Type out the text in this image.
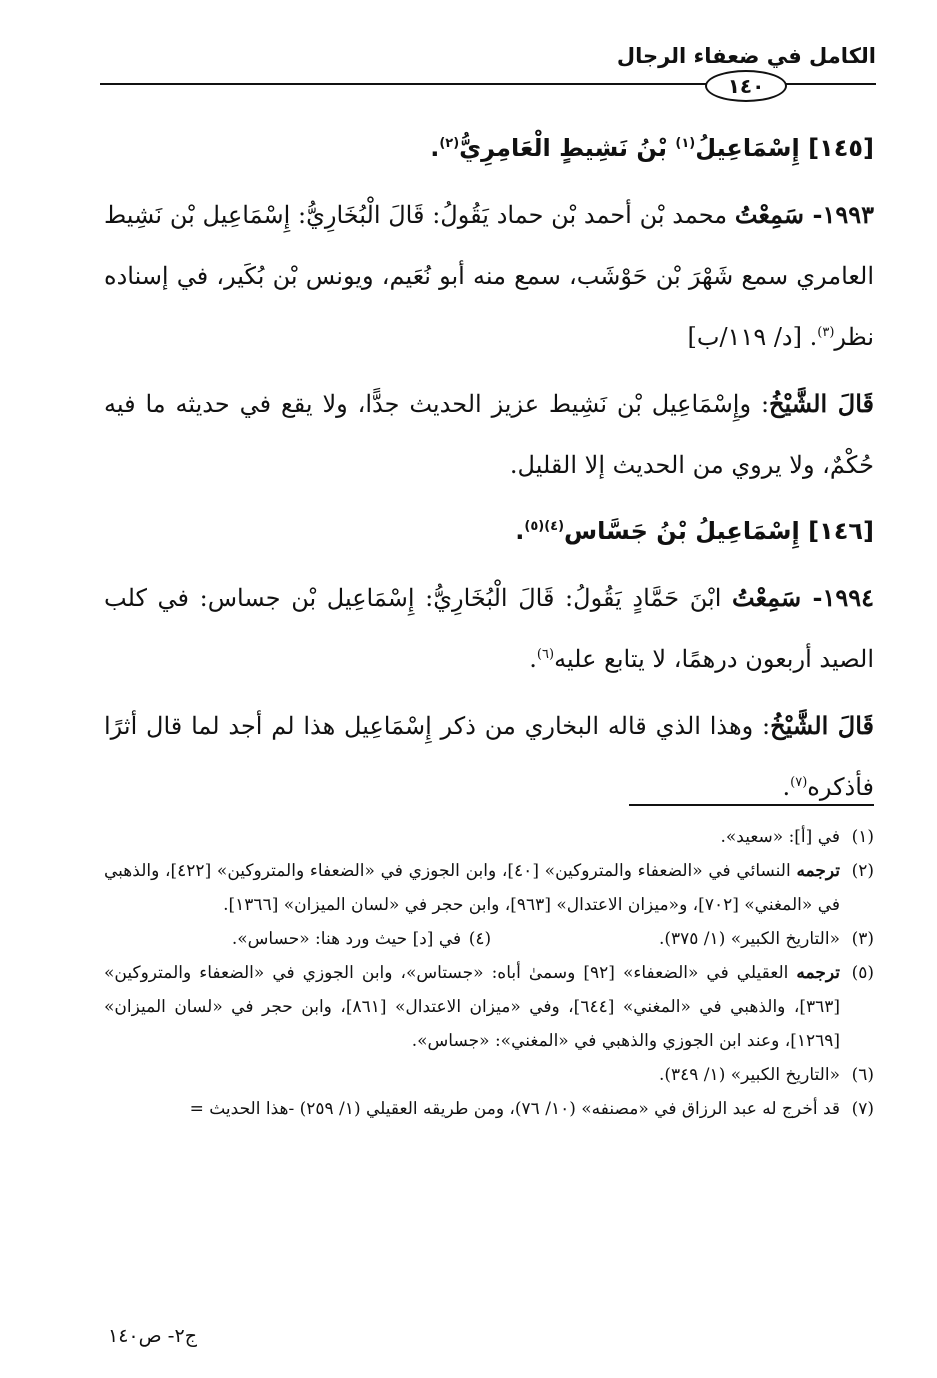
الكامل في ضعفاء الرجال
١٤٠

[١٤٥] إِسْمَاعِيلُ$^{(١)}$ بْنُ نَشِيطٍ الْعَامِرِيُّ$^{(٢)}$.

١٩٩٣- سَمِعْتُ محمد بْن أحمد بْن حماد يَقُولُ: قَالَ الْبُخَارِيُّ: إِسْمَاعِيل بْن نَشِيط العامري سمع شَهْرَ بْن حَوْشَب، سمع منه أبو نُعَيم، ويونس بْن بُكَير، في إسناده نظر$^{(٣)}$. [د/ ١١٩/ب]

قَالَ الشَّيْخُ: وإِسْمَاعِيل بْن نَشِيط عزيز الحديث جدًّا، ولا يقع في حديثه ما فيه حُكْمٌ، ولا يروي من الحديث إلا القليل.

[١٤٦] إِسْمَاعِيلُ بْنُ جَسَّاس$^{(٤)(٥)}$.

١٩٩٤- سَمِعْتُ ابْنَ حَمَّادٍ يَقُولُ: قَالَ الْبُخَارِيُّ: إِسْمَاعِيل بْن جساس: في كلب الصيد أربعون درهمًا، لا يتابع عليه$^{(٦)}$.

قَالَ الشَّيْخُ: وهذا الذي قاله البخاري من ذكر إِسْمَاعِيل هذا لم أجد لما قال أثرًا فأذكره$^{(٧)}$.

(١)
في [أ]: «سعيد».

(٢)
ترجمه النسائي في «الضعفاء والمتروكين» [٤٠]، وابن الجوزي في «الضعفاء والمتروكين» [٤٢٢]، والذهبي في «المغني» [٧٠٢]، و«ميزان الاعتدال» [٩٦٣]، وابن حجر في «لسان الميزان» [١٣٦٦].

(٣)
«التاريخ الكبير» (١/ ٣٧٥).

(٤)
في [د] حيث ورد هنا: «حساس».

(٥)
ترجمه العقيلي في «الضعفاء» [٩٢] وسمىٰ أباه: «جستاس»، وابن الجوزي في «الضعفاء والمتروكين» [٣٦٣]، والذهبي في «المغني» [٦٤٤]، وفي «ميزان الاعتدال» [٨٦١]، وابن حجر في «لسان الميزان» [١٢٦٩]، وعند ابن الجوزي والذهبي في «المغني»: «جساس».

(٦)
«التاريخ الكبير» (١/ ٣٤٩).

(٧)
قد أخرج له عبد الرزاق في «مصنفه» (١٠/ ٧٦)، ومن طريقه العقيلي (١/ ٢٥٩) -هذا الحديث =

ج٢- ص١٤٠
